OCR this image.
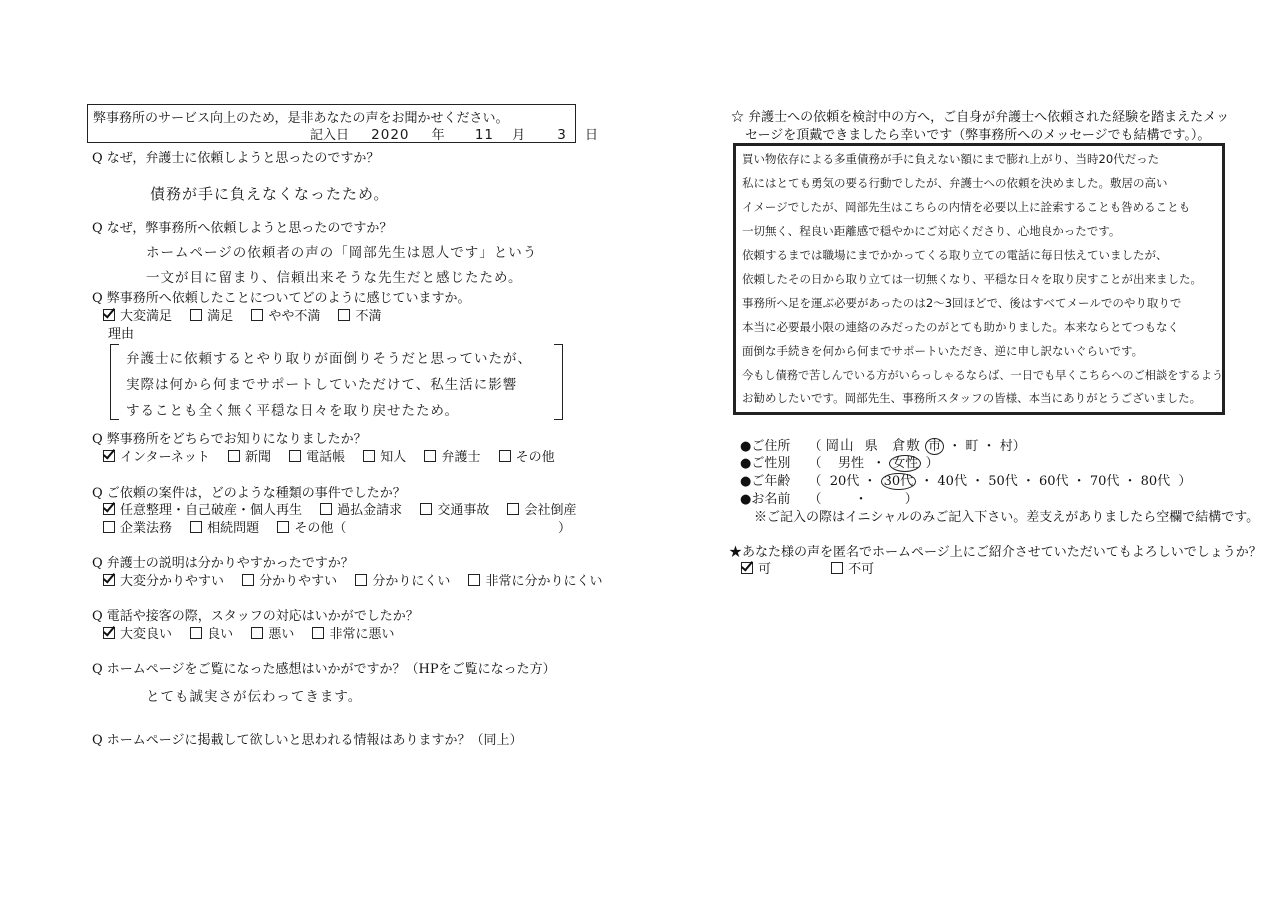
弊事務所のサービス向上のため，是非あなたの声をお聞かせください。
記入日 2020 年 11 月 3 日
Q なぜ，弁護士に依頼しようと思ったのですか？
債務が手に負えなくなったため。
Q なぜ，弊事務所へ依頼しようと思ったのですか？
ホームページの依頼者の声の「岡部先生は恩人です」という
一文が目に留まり、信頼出来そうな先生だと感じたため。
Q 弊事務所へ依頼したことについてどのように感じていますか。
大変満足	満足	やや不満	不満
理由
弁護士に依頼するとやり取りが面倒りそうだと思っていたが、
実際は何から何までサポートしていただけて、私生活に影響
することも全く無く平穏な日々を取り戻せたため。
Q 弊事務所をどちらでお知りになりましたか？
インターネット	新聞	電話帳	知人	弁護士	その他
Q ご依頼の案件は，どのような種類の事件でしたか？
任意整理・自己破産・個人再生	過払金請求	交通事故	会社倒産
企業法務	相続問題	その他（	）
Q 弁護士の説明は分かりやすかったですか？
大変分かりやすい	分かりやすい	分かりにくい	非常に分かりにくい
Q 電話や接客の際，スタッフの対応はいかがでしたか？
大変良い	良い	悪い	非常に悪い
Q ホームページをご覧になった感想はいかがですか？（HPをご覧になった方）
とても誠実さが伝わってきます。
Q ホームページに掲載して欲しいと思われる情報はありますか？（同上）
☆ 弁護士への依頼を検討中の方へ，ご自身が弁護士へ依頼された経験を踏まえたメッ
セージを頂戴できましたら幸いです（弊事務所へのメッセージでも結構です。）。
買い物依存による多重債務が手に負えない額にまで膨れ上がり、当時20代だった
私にはとても勇気の要る行動でしたが、弁護士への依頼を決めました。敷居の高い
イメージでしたが、岡部先生はこちらの内情を必要以上に詮索することも咎めることも
一切無く、程良い距離感で穏やかにご対応くださり、心地良かったです。
依頼するまでは職場にまでかかってくる取り立ての電話に毎日怯えていましたが、
依頼したその日から取り立ては一切無くなり、平穏な日々を取り戻すことが出来ました。
事務所へ足を運ぶ必要があったのは2〜3回ほどで、後はすべてメールでのやり取りで
本当に必要最小限の連絡のみだったのがとても助かりました。本来ならとてつもなく
面倒な手続きを何から何までサポートいただき、逆に申し訳ないぐらいです。
今もし債務で苦しんでいる方がいらっしゃるならば、一日でも早くこちらへのご相談をするよう
お勧めしたいです。岡部先生、事務所スタッフの皆様、本当にありがとうございました。
●ご住所 （ 岡山 県 倉敷 市 ・ 町 ・ 村）
●ご性別 （    男性  ・ 女性 ）
●ご年齢 （  20代 ・ 30代 ・ 40代 ・ 50代 ・ 60代 ・ 70代 ・ 80代  ）
●お名前 （        ・         ）
※ご記入の際はイニシャルのみご記入下さい。差支えがありましたら空欄で結構です。
★あなた様の声を匿名でホームページ上にご紹介させていただいてもよろしいでしょうか？
可	不可
